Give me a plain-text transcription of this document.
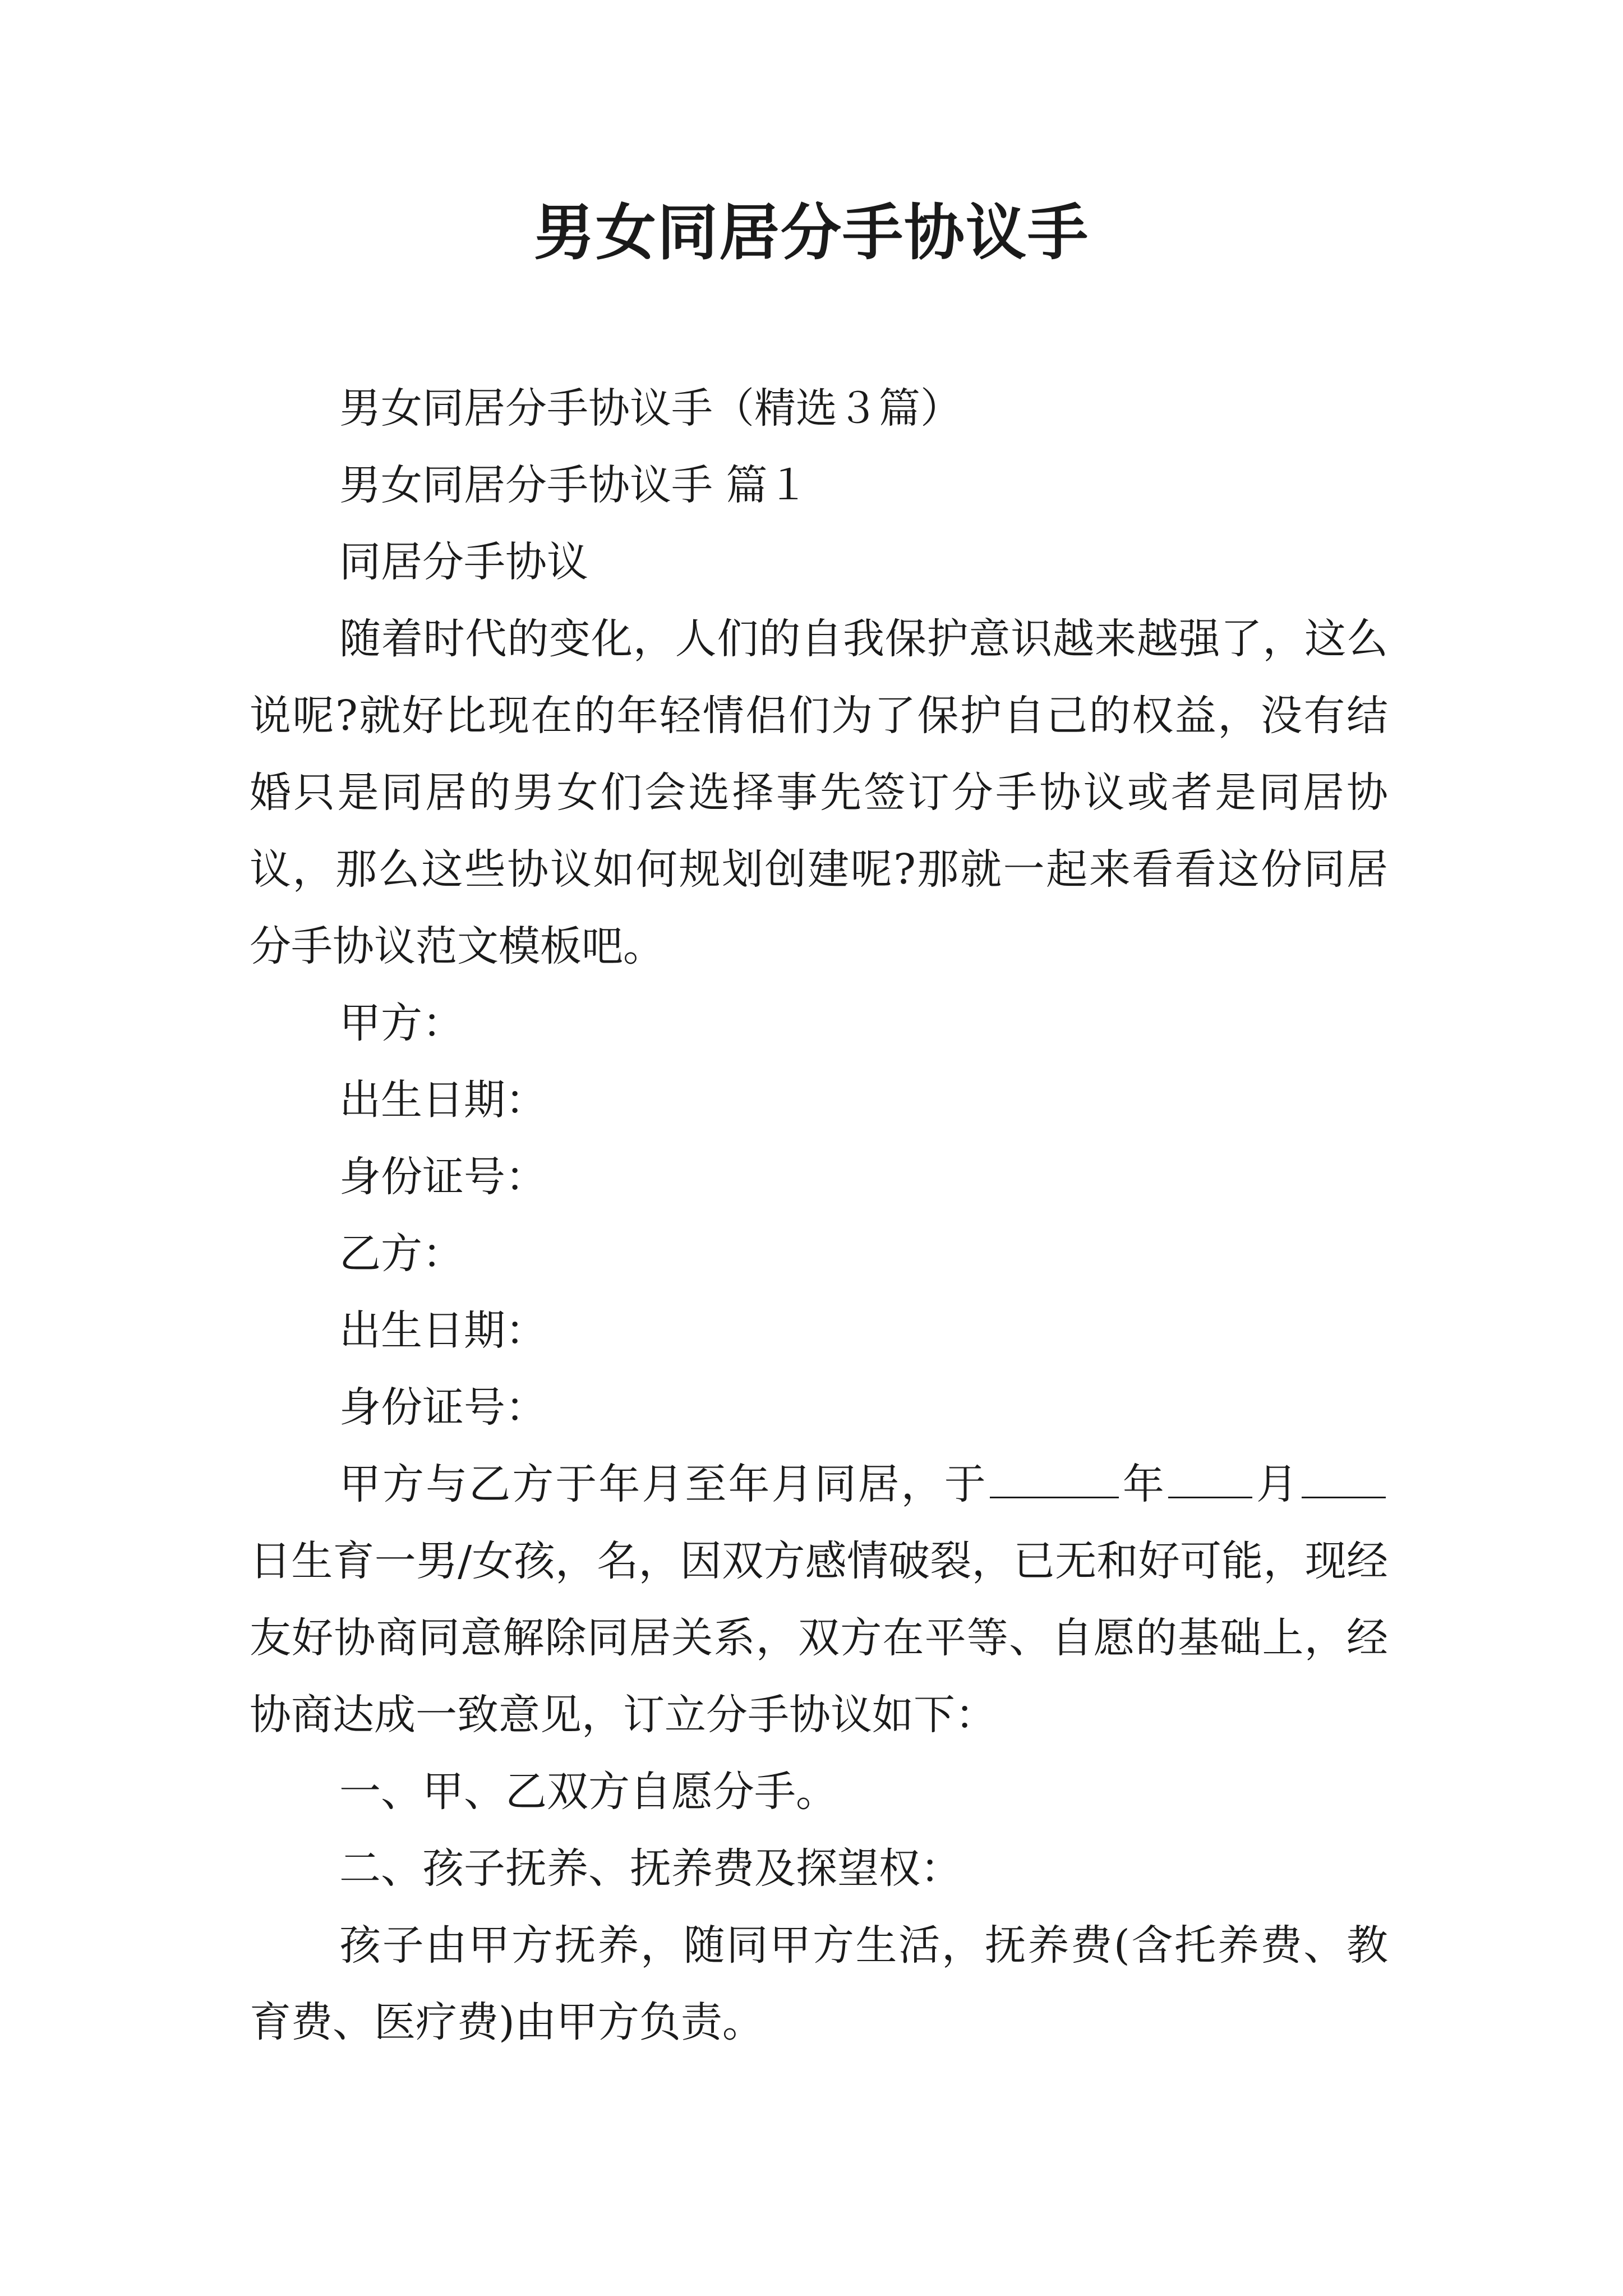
男女同居分手协议手

男女同居分手协议手（精选３篇）

男女同居分手协议手 篇１

同居分手协议

随着时代的变化，人们的自我保护意识越来越强了，这么说呢?就好比现在的年轻情侣们为了保护自己的权益，没有结婚只是同居的男女们会选择事先签订分手协议或者是同居协议，那么这些协议如何规划创建呢?那就一起来看看这份同居分手协议范文模板吧。

甲方：

出生日期：

身份证号：

乙方：

出生日期：

身份证号：

甲方与乙方于年月至年月同居，于	年 月日生育一男/女孩，名，因双方感情破裂，已无和好可能，现经友好协商同意解除同居关系，双方在平等、自愿的基础上，经协商达成一致意见，订立分手协议如下：

一、甲、乙双方自愿分手。

二、孩子抚养、抚养费及探望权：

孩子由甲方抚养，随同甲方生活，抚养费(含托养费、教育费、医疗费)由甲方负责。
